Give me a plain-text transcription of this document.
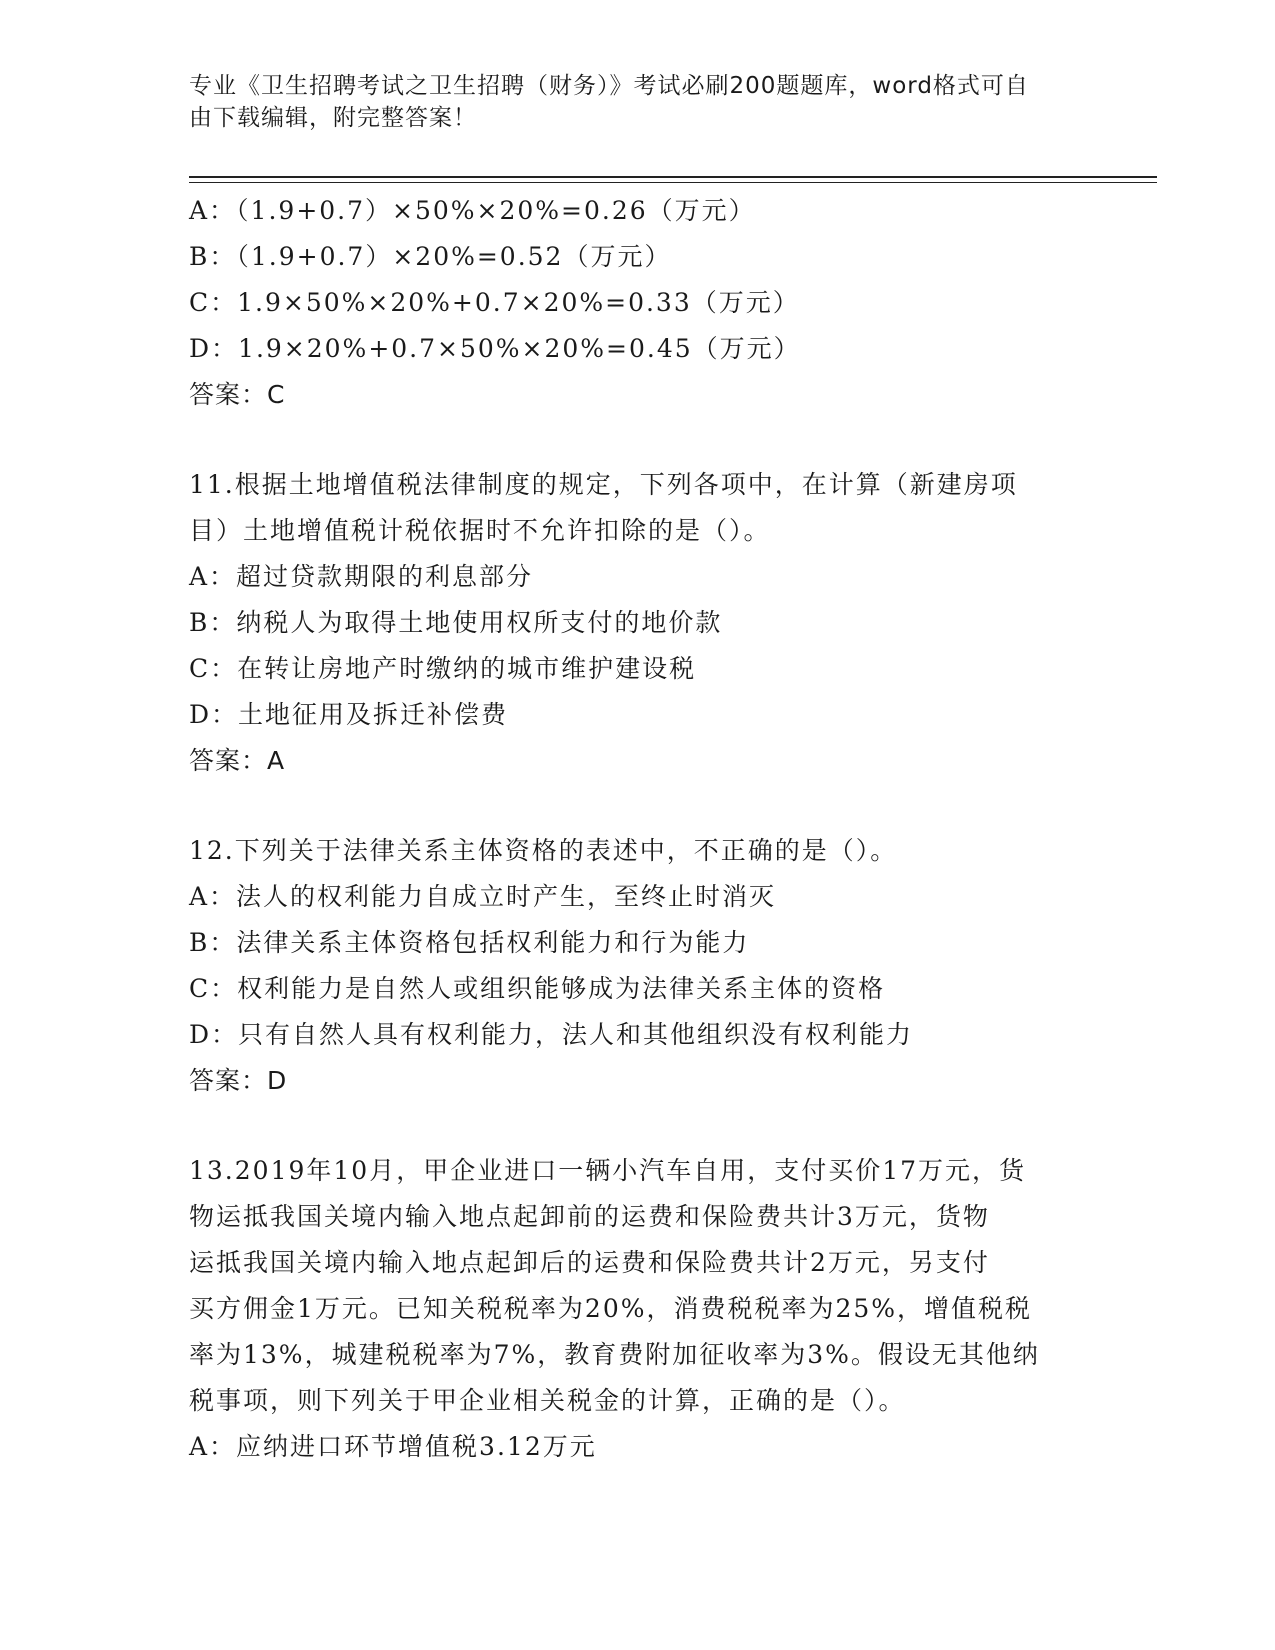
专业《卫生招聘考试之卫生招聘（财务）》考试必刷200题题库，word格式可自
由下载编辑，附完整答案！
A：（1.9+0.7）×50%×20%=0.26（万元）
B：（1.9+0.7）×20%=0.52（万元）
C：1.9×50%×20%+0.7×20%=0.33（万元）
D：1.9×20%+0.7×50%×20%=0.45（万元）
答案：C
11.根据土地增值税法律制度的规定，下列各项中，在计算（新建房项
目）土地增值税计税依据时不允许扣除的是（）。
A：超过贷款期限的利息部分
B：纳税人为取得土地使用权所支付的地价款
C：在转让房地产时缴纳的城市维护建设税
D：土地征用及拆迁补偿费
答案：A
12.下列关于法律关系主体资格的表述中，不正确的是（）。
A：法人的权利能力自成立时产生，至终止时消灭
B：法律关系主体资格包括权利能力和行为能力
C：权利能力是自然人或组织能够成为法律关系主体的资格
D：只有自然人具有权利能力，法人和其他组织没有权利能力
答案：D
13.2019年10月，甲企业进口一辆小汽车自用，支付买价17万元，货
物运抵我国关境内输入地点起卸前的运费和保险费共计3万元，货物
运抵我国关境内输入地点起卸后的运费和保险费共计2万元，另支付
买方佣金1万元。已知关税税率为20%，消费税税率为25%，增值税税
率为13%，城建税税率为7%，教育费附加征收率为3%。假设无其他纳
税事项，则下列关于甲企业相关税金的计算，正确的是（）。
A：应纳进口环节增值税3.12万元
